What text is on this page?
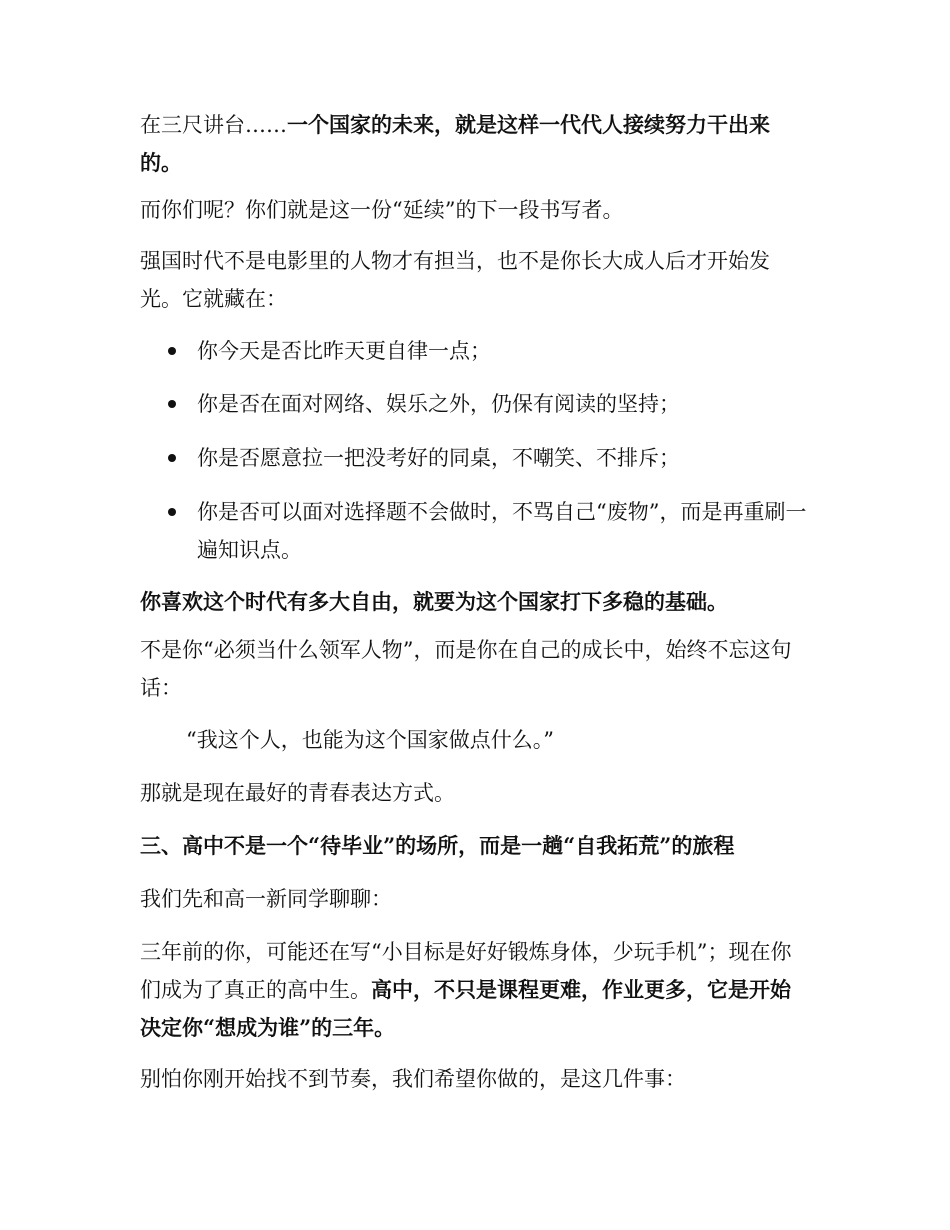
在三尺讲台……一个国家的未来，就是这样一代代人接续努力干出来的。

而你们呢？你们就是这一份“延续”的下一段书写者。

强国时代不是电影里的人物才有担当，也不是你长大成人后才开始发光。它就藏在：

你今天是否比昨天更自律一点；
你是否在面对网络、娱乐之外，仍保有阅读的坚持；
你是否愿意拉一把没考好的同桌，不嘲笑、不排斥；
你是否可以面对选择题不会做时，不骂自己“废物”，而是再重刷一遍知识点。

你喜欢这个时代有多大自由，就要为这个国家打下多稳的基础。

不是你“必须当什么领军人物”，而是你在自己的成长中，始终不忘这句话：

“我这个人，也能为这个国家做点什么。”

那就是现在最好的青春表达方式。

三、高中不是一个“待毕业”的场所，而是一趟“自我拓荒”的旅程

我们先和高一新同学聊聊：

三年前的你，可能还在写“小目标是好好锻炼身体，少玩手机”；现在你们成为了真正的高中生。高中，不只是课程更难，作业更多，它是开始决定你“想成为谁”的三年。

别怕你刚开始找不到节奏，我们希望你做的，是这几件事：
